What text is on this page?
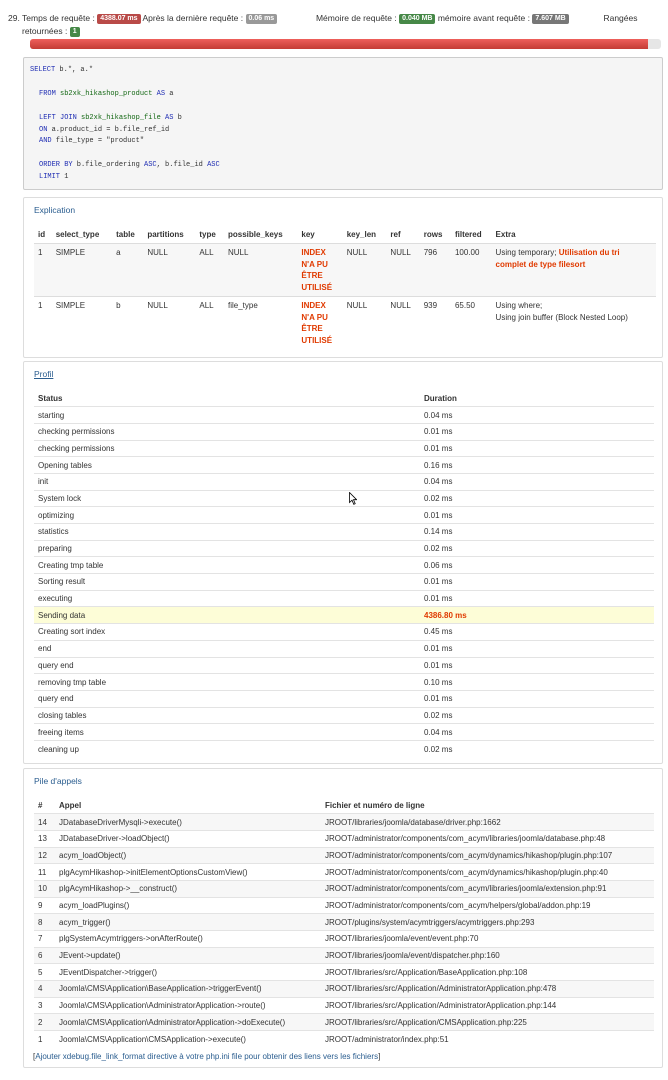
29. Temps de requête : 4388.07 ms Après la dernière requête : 0.06 ms	Mémoire de requête : 0.040 MB mémoire avant requête : 7.607 MB	Rangées
retournées : 1
SELECT b.*, a.*

FROM sb2xk_hikashop_product AS a

LEFT JOIN sb2xk_hikashop_file AS b
ON a.product_id = b.file_ref_id
AND file_type = "product"

ORDER BY b.file_ordering ASC, b.file_id ASC
LIMIT 1
Explication
id	select_type	table	partitions	type	possible_keys	key	key_len	ref	rows	filtered	Extra
1	SIMPLE	a	NULL	ALL	NULL	INDEX
N'A PU
ÊTRE
UTILISÉ	NULL	NULL	796	100.00	Using temporary; Utilisation du tri
complet de type filesort
1	SIMPLE	b	NULL	ALL	file_type	INDEX
N'A PU
ÊTRE
UTILISÉ	NULL	NULL	939	65.50	Using where;
Using join buffer (Block Nested Loop)
Profil
Status	Duration
starting	0.04 ms
checking permissions	0.01 ms
checking permissions	0.01 ms
Opening tables	0.16 ms
init	0.04 ms
System lock	0.02 ms
optimizing	0.01 ms
statistics	0.14 ms
preparing	0.02 ms
Creating tmp table	0.06 ms
Sorting result	0.01 ms
executing	0.01 ms
Sending data	4386.80 ms
Creating sort index	0.45 ms
end	0.01 ms
query end	0.01 ms
removing tmp table	0.10 ms
query end	0.01 ms
closing tables	0.02 ms
freeing items	0.04 ms
cleaning up	0.02 ms
Pile d'appels
#	Appel	Fichier et numéro de ligne
14	JDatabaseDriverMysqli->execute()	JROOT/libraries/joomla/database/driver.php:1662
13	JDatabaseDriver->loadObject()	JROOT/administrator/components/com_acym/libraries/joomla/database.php:48
12	acym_loadObject()	JROOT/administrator/components/com_acym/dynamics/hikashop/plugin.php:107
11	plgAcymHikashop->initElementOptionsCustomView()	JROOT/administrator/components/com_acym/dynamics/hikashop/plugin.php:40
10	plgAcymHikashop->__construct()	JROOT/administrator/components/com_acym/libraries/joomla/extension.php:91
9	acym_loadPlugins()	JROOT/administrator/components/com_acym/helpers/global/addon.php:19
8	acym_trigger()	JROOT/plugins/system/acymtriggers/acymtriggers.php:293
7	plgSystemAcymtriggers->onAfterRoute()	JROOT/libraries/joomla/event/event.php:70
6	JEvent->update()	JROOT/libraries/joomla/event/dispatcher.php:160
5	JEventDispatcher->trigger()	JROOT/libraries/src/Application/BaseApplication.php:108
4	Joomla\CMS\Application\BaseApplication->triggerEvent()	JROOT/libraries/src/Application/AdministratorApplication.php:478
3	Joomla\CMS\Application\AdministratorApplication->route()	JROOT/libraries/src/Application/AdministratorApplication.php:144
2	Joomla\CMS\Application\AdministratorApplication->doExecute()	JROOT/libraries/src/Application/CMSApplication.php:225
1	Joomla\CMS\Application\CMSApplication->execute()	JROOT/administrator/index.php:51
[Ajouter xdebug.file_link_format directive à votre php.ini file pour obtenir des liens vers les fichiers]
